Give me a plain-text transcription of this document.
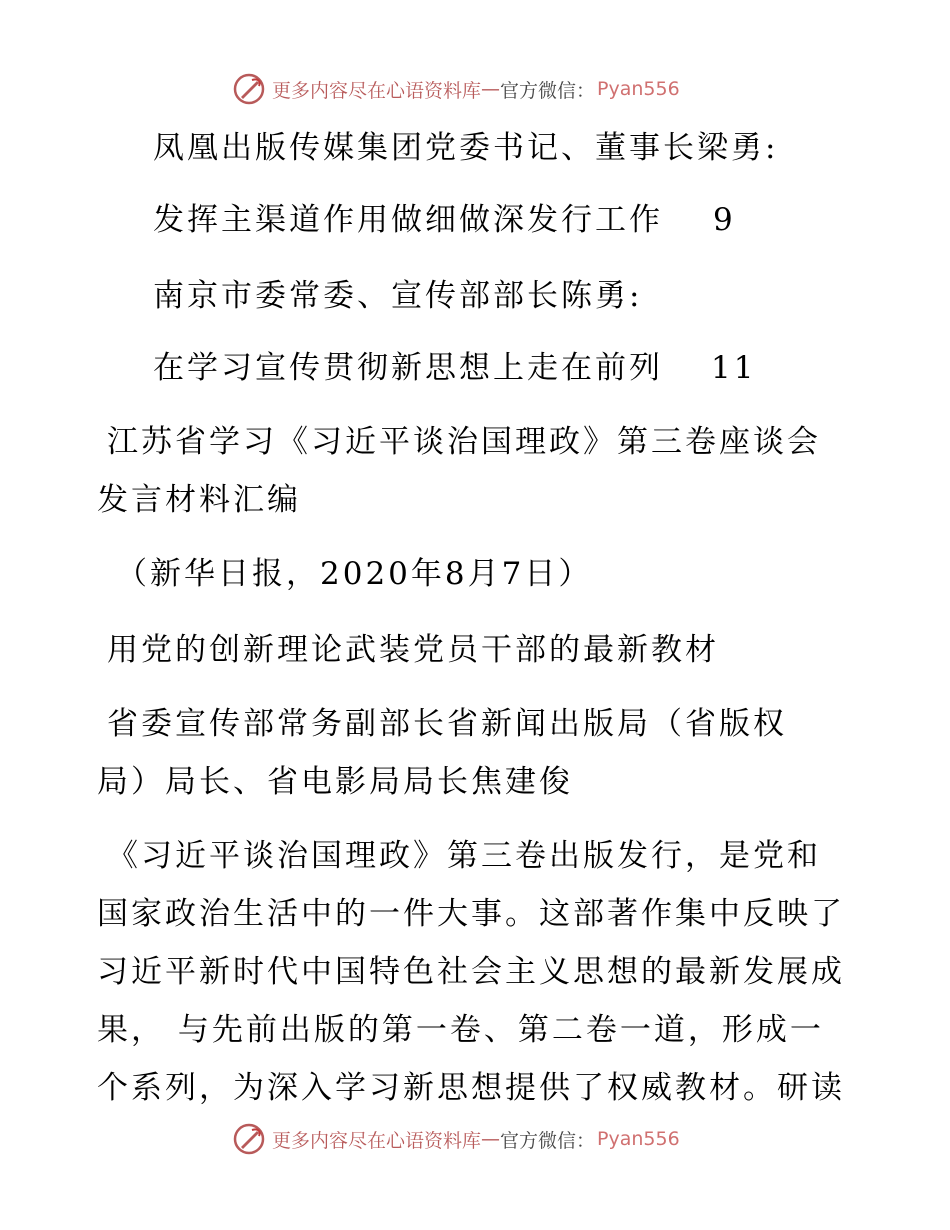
更多内容尽在心语资料库 — 官方微信： Pyan556
凤凰出版传媒集团党委书记、董事长梁勇:
发挥主渠道作用做细做深发行工作 9
南京市委常委、宣传部部长陈勇:
在学习宣传贯彻新思想上走在前列 11
江苏省学习《习近平谈治国理政》第三卷座谈会
发言材料汇编
（新华日报，2020年8月7日）
用党的创新理论武装党员干部的最新教材
省委宣传部常务副部长省新闻出版局（省版权
局）局长、省电影局局长焦建俊
《习近平谈治国理政》第三卷出版发行，是党和
国家政治生活中的一件大事。这部著作集中反映了
习近平新时代中国特色社会主义思想的最新发展成
果， 与先前出版的第一卷、第二卷一道，形成一
个系列，为深入学习新思想提供了权威教材。研读
更多内容尽在心语资料库 — 官方微信： Pyan556
